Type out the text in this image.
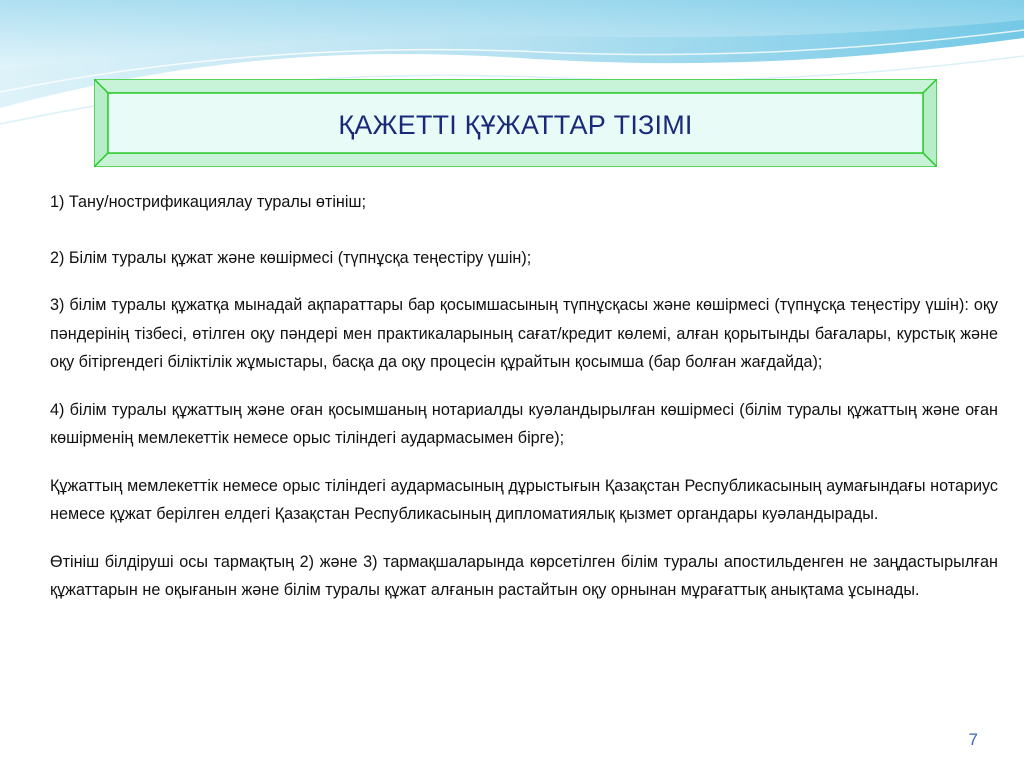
ҚАЖЕТТІ ҚҰЖАТТАР ТІЗІМІ

1) Тану/нострификациялау туралы өтініш;

2) Білім туралы құжат және көшірмесі (түпнұсқа теңестіру үшін);

3) білім туралы құжатқа мынадай ақпараттары бар қосымшасының түпнұсқасы және көшірмесі (түпнұсқа теңестіру үшін): оқу пәндерінің тізбесі, өтілген оқу пәндері мен практикаларының сағат/кредит көлемі, алған қорытынды бағалары, курстық және оқу бітіргендегі біліктілік жұмыстары, басқа да оқу процесін құрайтын қосымша (бар болған жағдайда);

4) білім туралы құжаттың және оған қосымшаның нотариалды куәландырылған көшірмесі (білім туралы құжаттың және оған көшірменің мемлекеттік немесе орыс тіліндегі аудармасымен бірге);

Құжаттың мемлекеттік немесе орыс тіліндегі аудармасының дұрыстығын Қазақстан Республикасының аумағындағы нотариус немесе құжат берілген елдегі Қазақстан Республикасының дипломатиялық қызмет органдары куәландырады.

Өтініш білдіруші осы тармақтың 2) және 3) тармақшаларында көрсетілген білім туралы апостильденген не заңдастырылған құжаттарын не оқығанын және білім туралы құжат алғанын растайтын оқу орнынан мұрағаттық анықтама ұсынады.

7
